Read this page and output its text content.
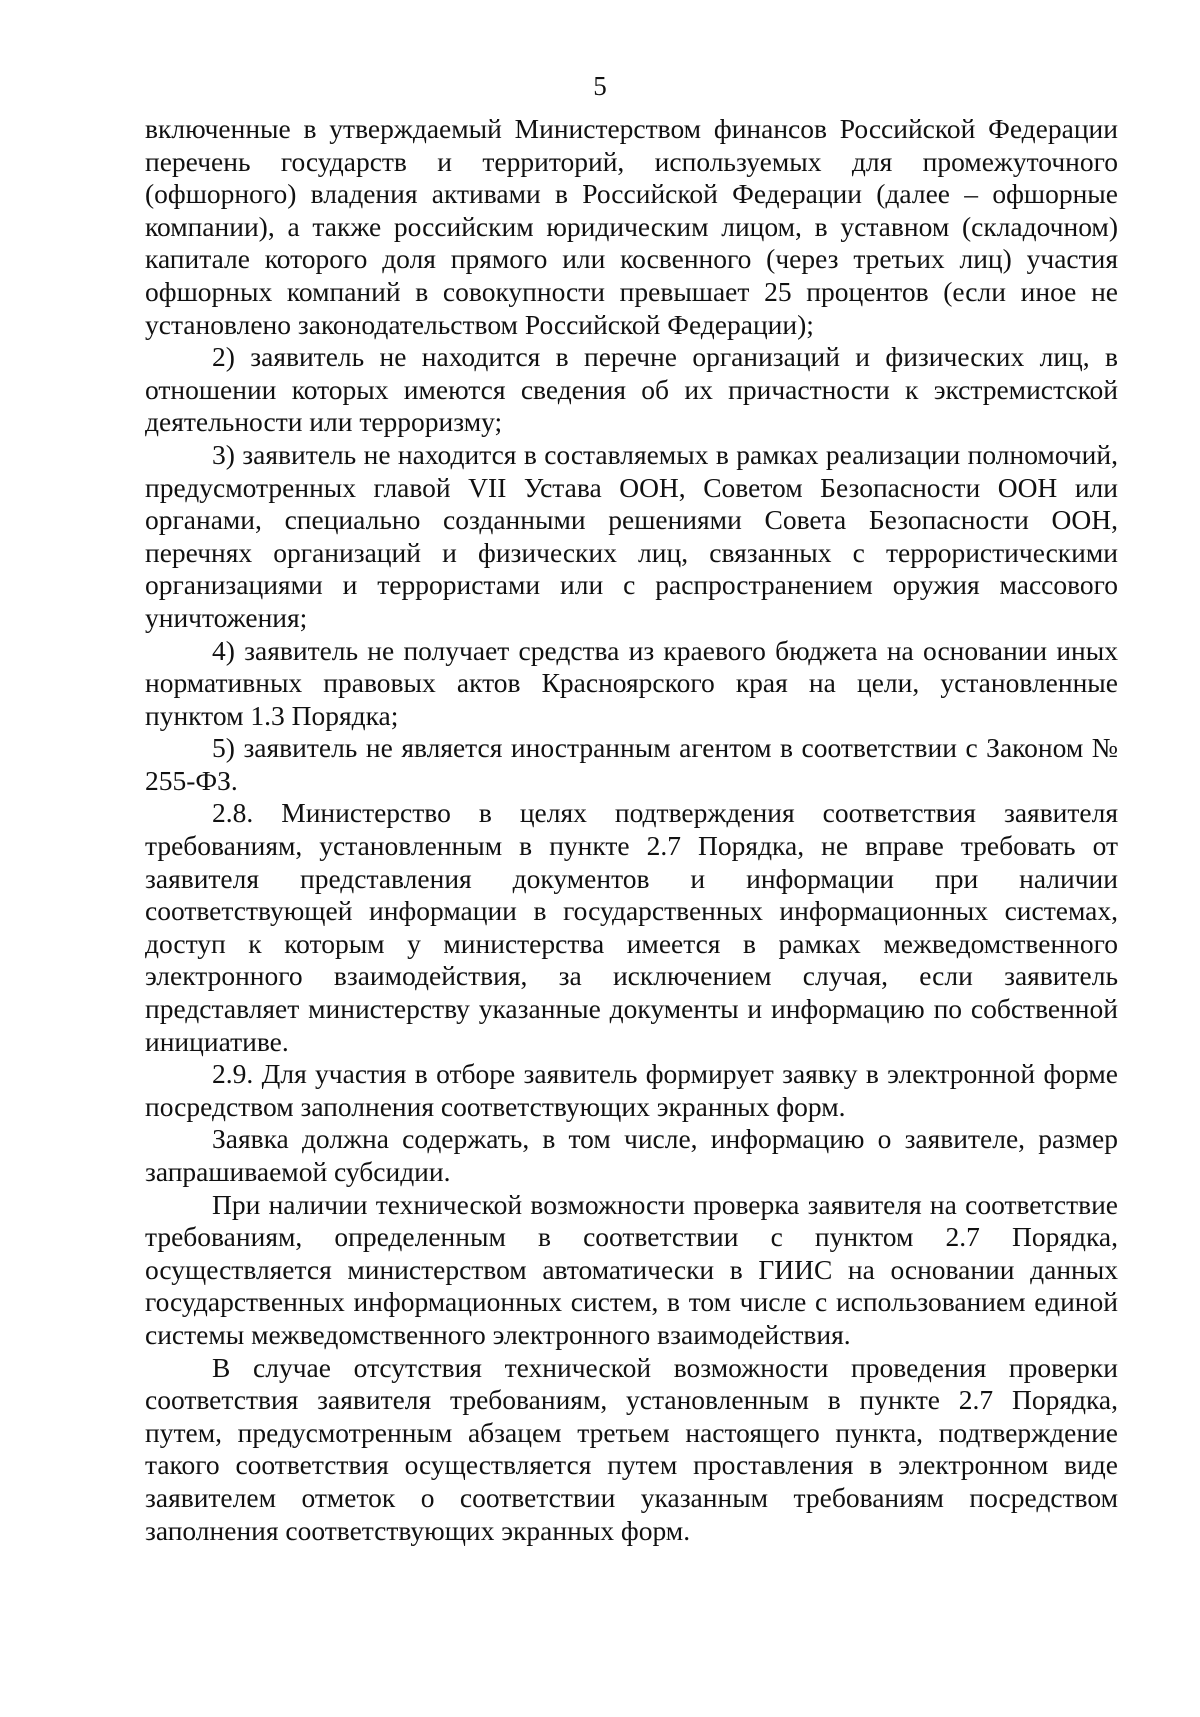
5

включенные в утверждаемый Министерством финансов Российской Федерации перечень государств и территорий, используемых для промежуточного (офшорного) владения активами в Российской Федерации (далее – офшорные компании), а также российским юридическим лицом, в уставном (складочном) капитале которого доля прямого или косвенного (через третьих лиц) участия офшорных компаний в совокупности превышает 25 процентов (если иное не установлено законодательством Российской Федерации);

2) заявитель не находится в перечне организаций и физических лиц, в отношении которых имеются сведения об их причастности к экстремистской деятельности или терроризму;

3) заявитель не находится в составляемых в рамках реализации полномочий, предусмотренных главой VII Устава ООН, Советом Безопасности ООН или органами, специально созданными решениями Совета Безопасности ООН, перечнях организаций и физических лиц, связанных с террористическими организациями и террористами или с распространением оружия массового уничтожения;

4) заявитель не получает средства из краевого бюджета на основании иных нормативных правовых актов Красноярского края на цели, установленные пунктом 1.3 Порядка;

5) заявитель не является иностранным агентом в соответствии с Законом № 255-ФЗ.

2.8. Министерство в целях подтверждения соответствия заявителя требованиям, установленным в пункте 2.7 Порядка, не вправе требовать от заявителя представления документов и информации при наличии соответствующей информации в государственных информационных системах, доступ к которым у министерства имеется в рамках межведомственного электронного взаимодействия, за исключением случая, если заявитель представляет министерству указанные документы и информацию по собственной инициативе.

2.9. Для участия в отборе заявитель формирует заявку в электронной форме посредством заполнения соответствующих экранных форм.

Заявка должна содержать, в том числе, информацию о заявителе, размер запрашиваемой субсидии.

При наличии технической возможности проверка заявителя на соответствие требованиям, определенным в соответствии с пунктом 2.7 Порядка, осуществляется министерством автоматически в ГИИС на основании данных государственных информационных систем, в том числе с использованием единой системы межведомственного электронного взаимодействия.

В случае отсутствия технической возможности проведения проверки соответствия заявителя требованиям, установленным в пункте 2.7 Порядка, путем, предусмотренным абзацем третьем настоящего пункта, подтверждение такого соответствия осуществляется путем проставления в электронном виде заявителем отметок о соответствии указанным требованиям посредством заполнения соответствующих экранных форм.
